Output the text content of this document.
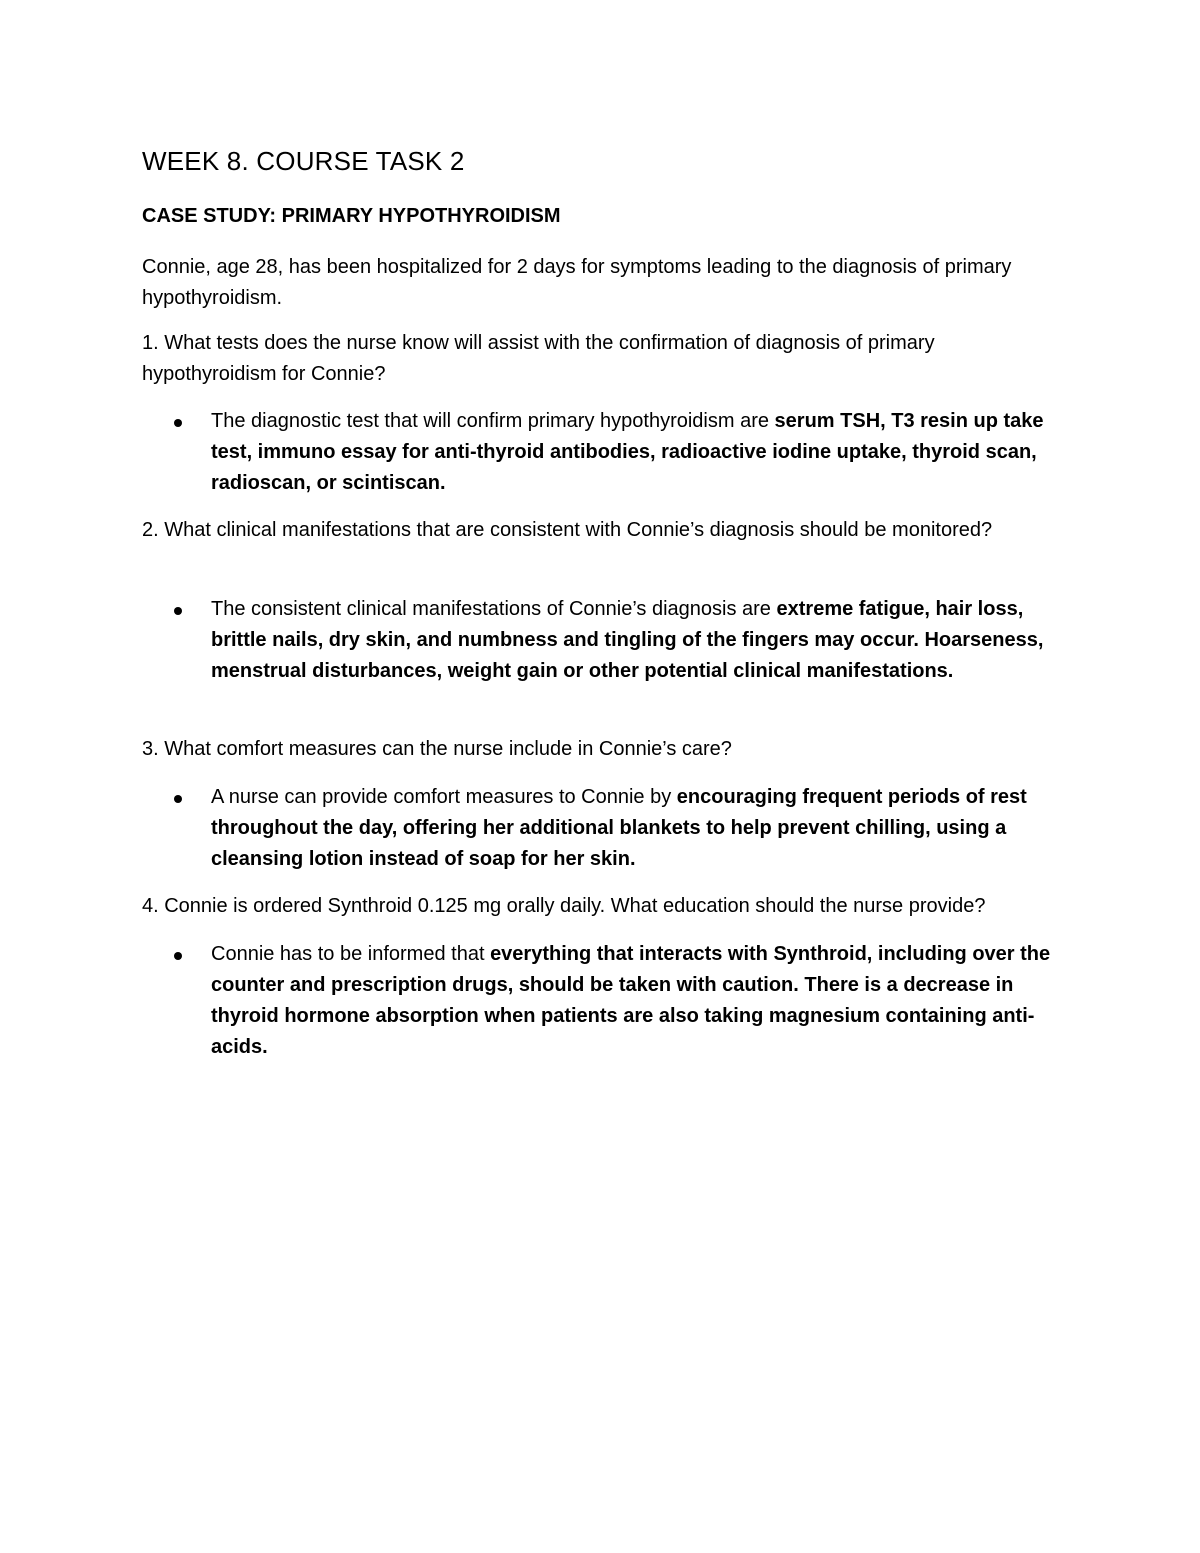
WEEK 8. COURSE TASK 2
CASE STUDY: PRIMARY HYPOTHYROIDISM

Connie, age 28, has been hospitalized for 2 days for symptoms leading to the diagnosis of primary hypothyroidism.

1. What tests does the nurse know will assist with the confirmation of diagnosis of primary hypothyroidism for Connie?

The diagnostic test that will confirm primary hypothyroidism are serum TSH, T3 resin up take test, immuno essay for anti-thyroid antibodies, radioactive iodine uptake, thyroid scan, radioscan, or scintiscan.

2. What clinical manifestations that are consistent with Connie’s diagnosis should be monitored?

The consistent clinical manifestations of Connie’s diagnosis are extreme fatigue, hair loss, brittle nails, dry skin, and numbness and tingling of the fingers may occur. Hoarseness, menstrual disturbances, weight gain or other potential clinical manifestations.

3. What comfort measures can the nurse include in Connie’s care?

A nurse can provide comfort measures to Connie by encouraging frequent periods of rest throughout the day, offering her additional blankets to help prevent chilling, using a cleansing lotion instead of soap for her skin.

4. Connie is ordered Synthroid 0.125 mg orally daily. What education should the nurse provide?

Connie has to be informed that everything that interacts with Synthroid, including over the counter and prescription drugs, should be taken with caution. There is a decrease in thyroid hormone absorption when patients are also taking magnesium containing anti-acids.
